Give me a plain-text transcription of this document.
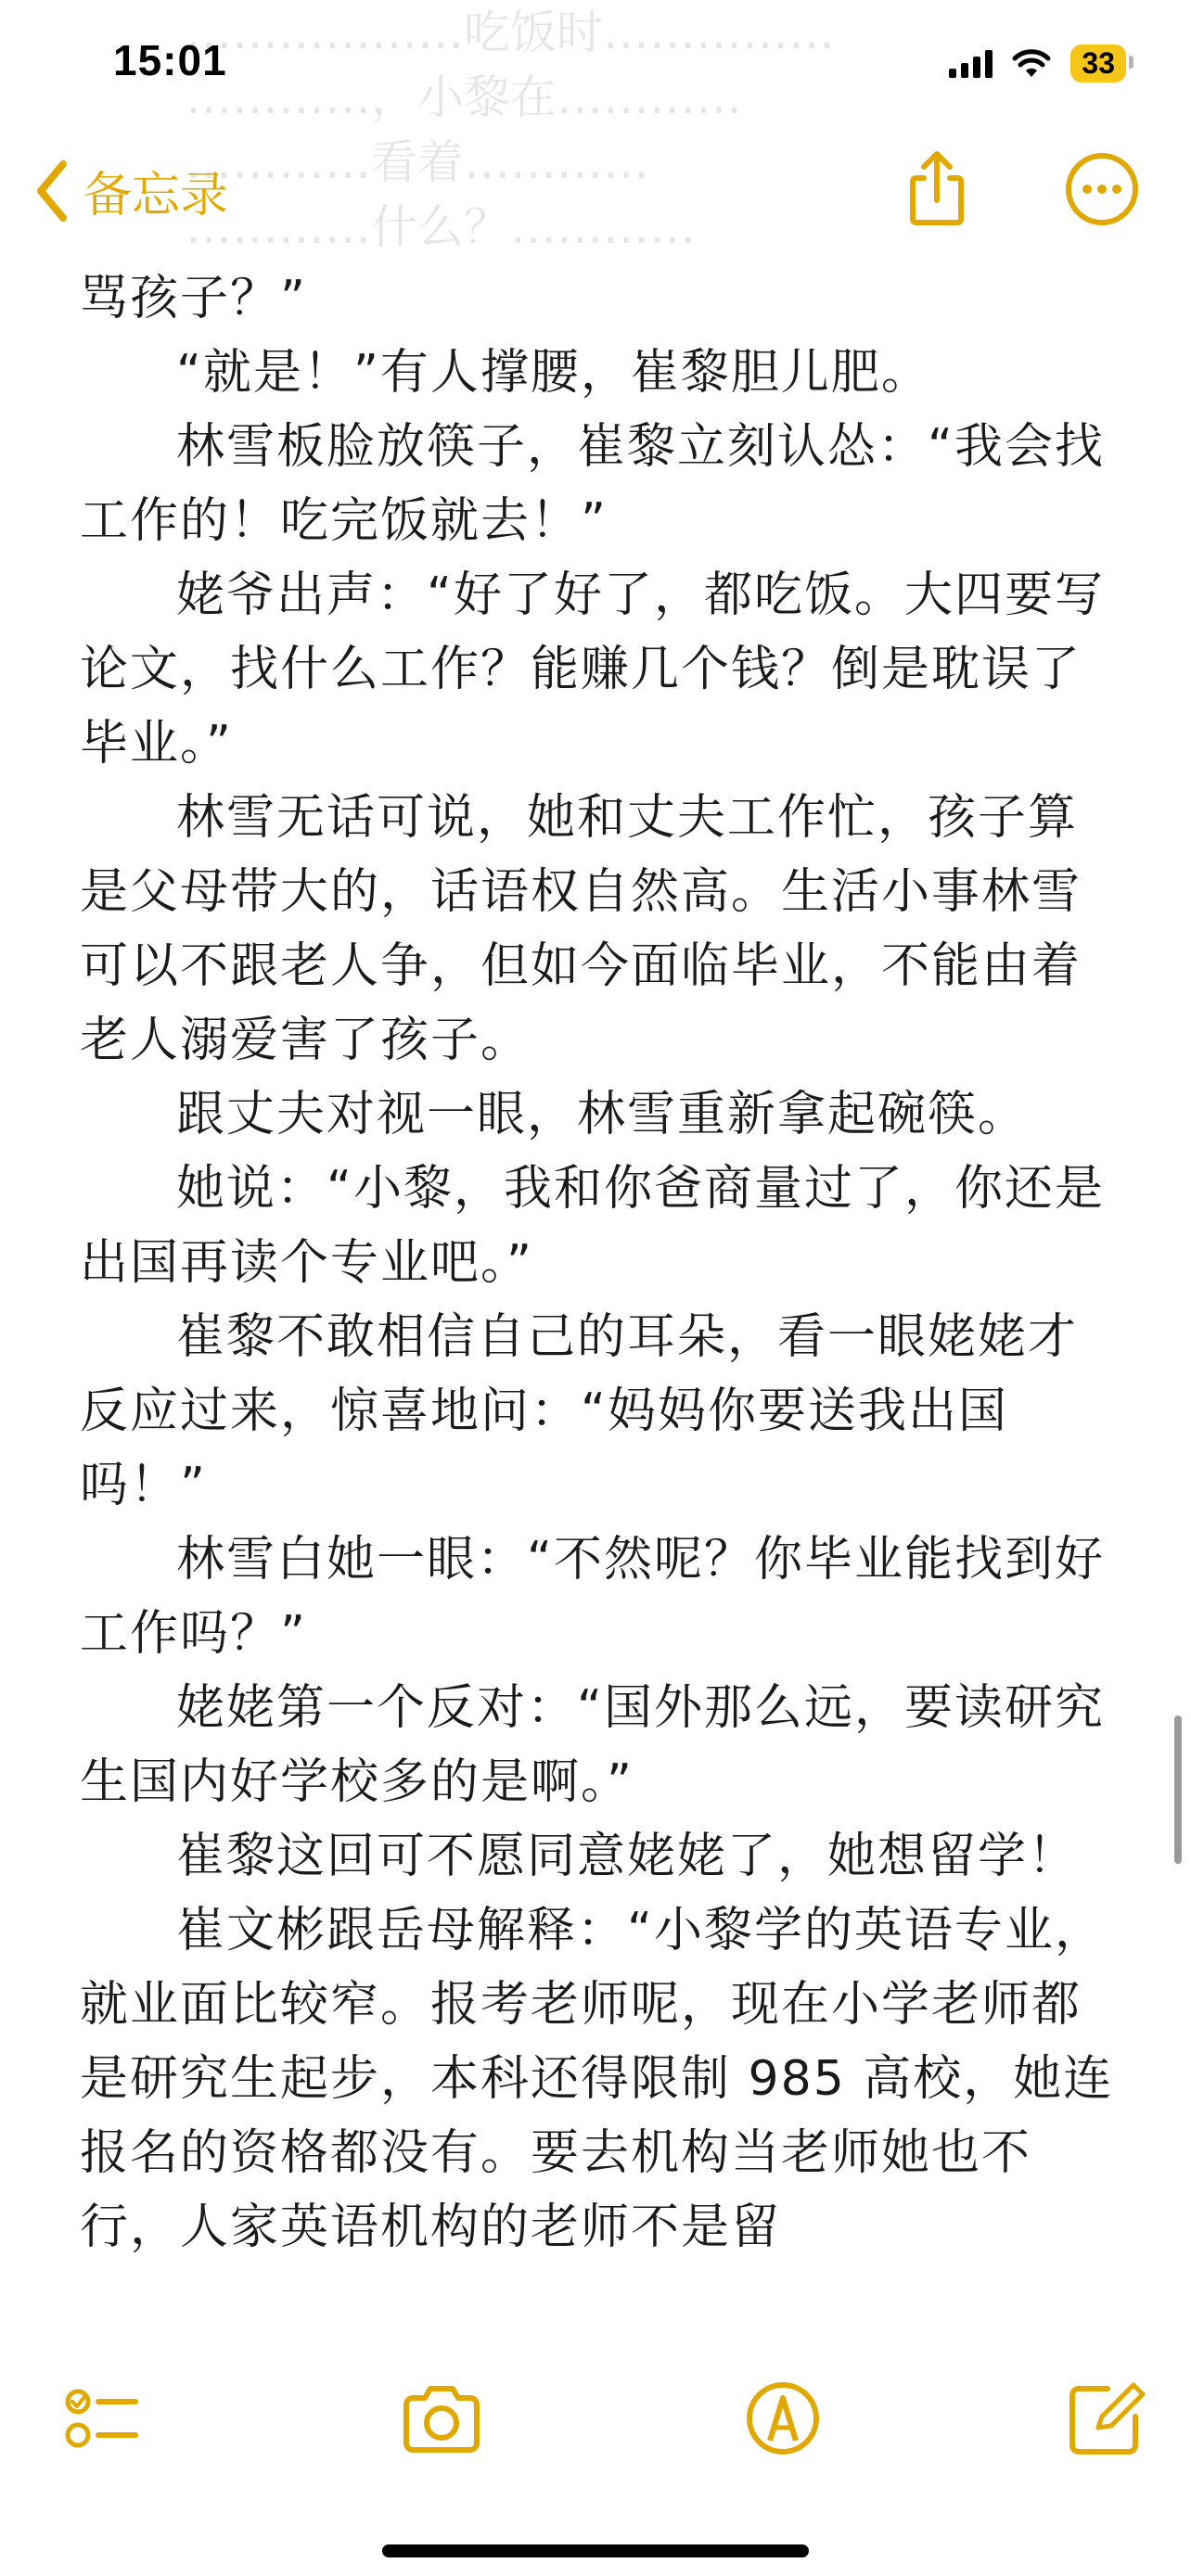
………………吃饭时……………
…………，小黎在…………
…………看着…………
…………什么？…………
15:01	33
备忘录

骂孩子？”

“就是！”有人撑腰，崔黎胆儿肥。

林雪板脸放筷子，崔黎立刻认怂：“我会找工作的！吃完饭就去！”

姥爷出声：“好了好了，都吃饭。大四要写论文，找什么工作？能赚几个钱？倒是耽误了毕业。”

林雪无话可说，她和丈夫工作忙，孩子算是父母带大的，话语权自然高。生活小事林雪可以不跟老人争，但如今面临毕业，不能由着老人溺爱害了孩子。

跟丈夫对视一眼，林雪重新拿起碗筷。

她说：“小黎，我和你爸商量过了，你还是出国再读个专业吧。”

崔黎不敢相信自己的耳朵，看一眼姥姥才反应过来，惊喜地问：“妈妈你要送我出国吗！”

林雪白她一眼：“不然呢？你毕业能找到好工作吗？”

姥姥第一个反对：“国外那么远，要读研究生国内好学校多的是啊。”

崔黎这回可不愿同意姥姥了，她想留学！

崔文彬跟岳母解释：“小黎学的英语专业，就业面比较窄。报考老师呢，现在小学老师都是研究生起步，本科还得限制 985 高校，她连报名的资格都没有。要去机构当老师她也不行，人家英语机构的老师不是留
